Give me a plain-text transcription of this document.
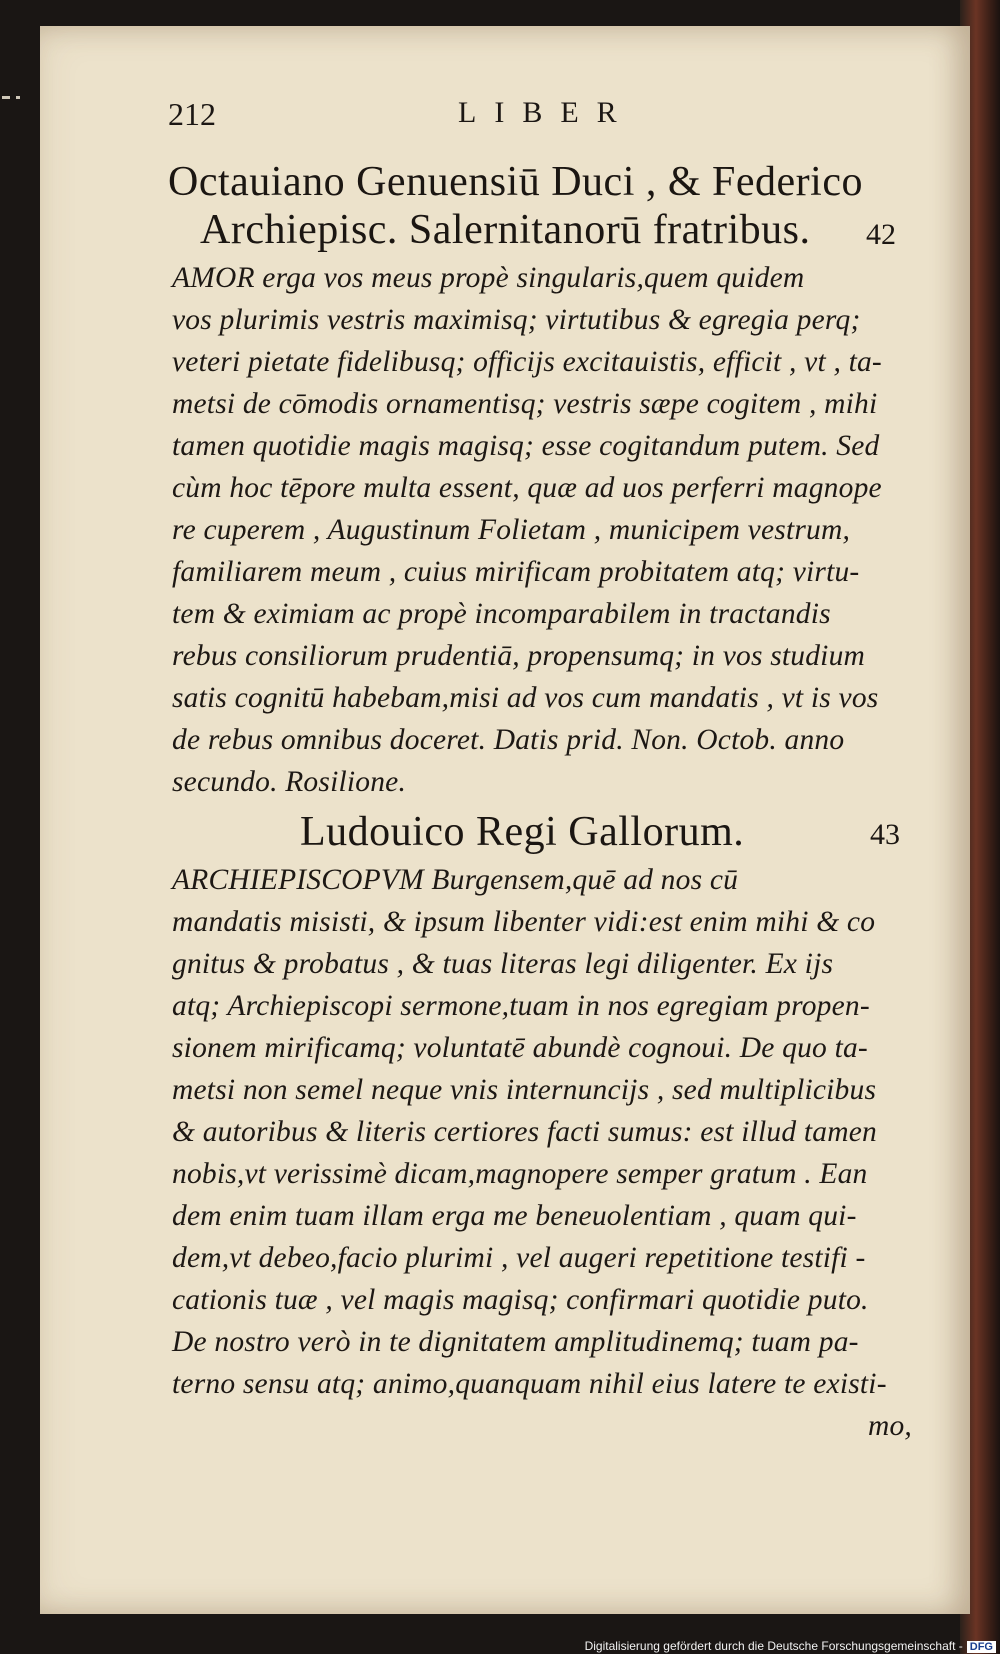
212	LIBER
Octauiano Genuensiū Duci , & Federico
Archiepisc. Salernitanorū fratribus. 42
AMOR erga vos meus propè singularis,quem quidem
vos plurimis vestris maximisq; virtutibus & egregia perq;
veteri pietate fidelibusq; officijs excitauistis, efficit , vt , ta-
metsi de cōmodis ornamentisq; vestris sæpe cogitem , mihi
tamen quotidie magis magisq; esse cogitandum putem. Sed
cùm hoc tēpore multa essent, quæ ad uos perferri magnope
re cuperem , Augustinum Folietam , municipem vestrum,
familiarem meum , cuius mirificam probitatem atq; virtu-
tem & eximiam ac propè incomparabilem in tractandis
rebus consiliorum prudentiā, propensumq; in vos studium
satis cognitū habebam,misi ad vos cum mandatis , vt is vos
de rebus omnibus doceret. Datis prid. Non. Octob. anno
secundo. Rosilione.
Ludouico Regi Gallorum.	43
ARCHIEPISCOPVM Burgensem,quē ad nos cū
mandatis misisti, & ipsum libenter vidi:est enim mihi & co
gnitus & probatus , & tuas literas legi diligenter. Ex ijs
atq; Archiepiscopi sermone,tuam in nos egregiam propen-
sionem mirificamq; voluntatē abundè cognoui. De quo ta-
metsi non semel neque vnis internuncijs , sed multiplicibus
& autoribus & literis certiores facti sumus: est illud tamen
nobis,vt verissimè dicam,magnopere semper gratum . Ean
dem enim tuam illam erga me beneuolentiam , quam qui-
dem,vt debeo,facio plurimi , vel augeri repetitione testifi -
cationis tuæ , vel magis magisq; confirmari quotidie puto.
De nostro verò in te dignitatem amplitudinemq; tuam pa-
terno sensu atq; animo,quanquam nihil eius latere te existi-
mo,
Digitalisierung gefördert durch die Deutsche Forschungsgemeinschaft - DFG
